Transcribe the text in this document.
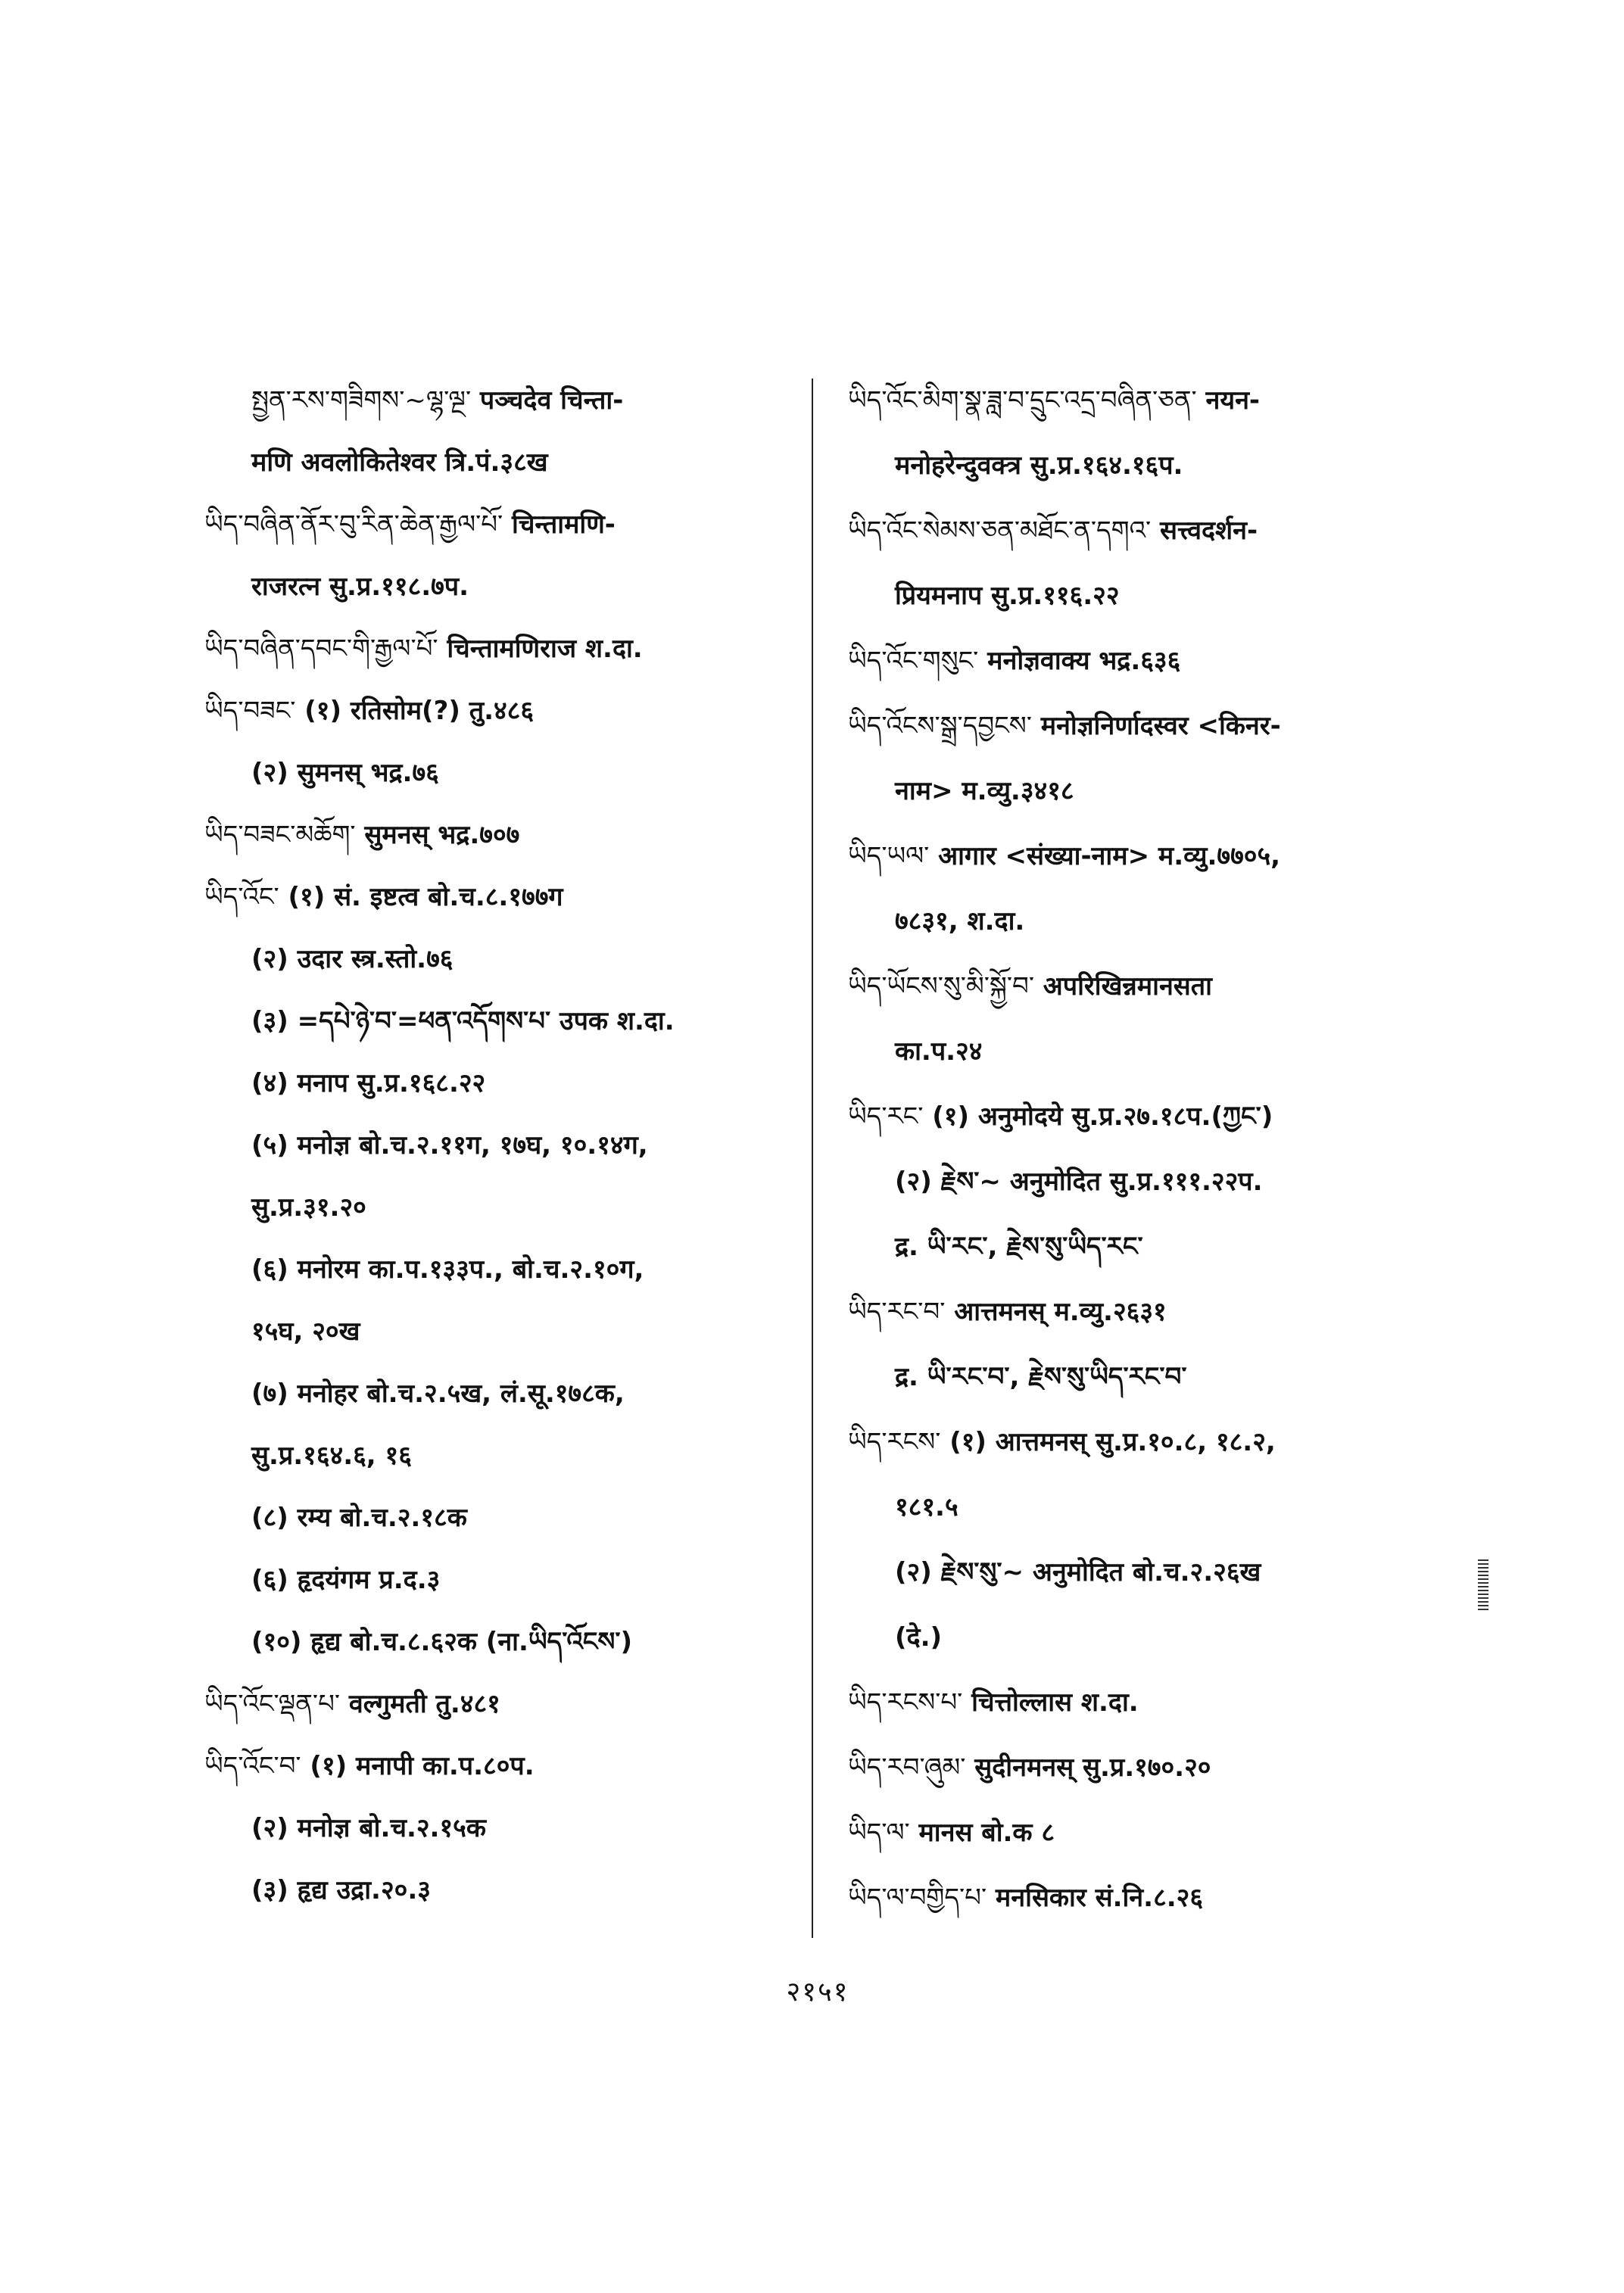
སྤྱན་རས་གཟིགས་~ལྷ་ལྔ་ पञ्चदेव चिन्ता-
मणि अवलोकितेश्वर त्रि.पं.३८ख
ཡིད་བཞིན་ནོར་བུ་རིན་ཆེན་རྒྱལ་པོ་ चिन्तामणि-
राजरत्न सु.प्र.११८.७प.
ཡིད་བཞིན་དབང་གི་རྒྱལ་པོ་ चिन्तामणिराज श.दा.
ཡིད་བཟང་ (१) रतिसोम(?) तु.४८६
(२) सुमनस् भद्र.७६
ཡིད་བཟང་མཆོག་ सुमनस् भद्र.७०७
ཡིད་འོང་ (१) सं. इष्टत्व बो.च.८.१७७ग
(२) उदार स्त्र.स्तो.७६
(३) =དཔེ་ཉེ་བ་=ཕན་འདོགས་པ་ उपक श.दा.
(४) मनाप सु.प्र.१६८.२२
(५) मनोज्ञ बो.च.२.११ग, १७घ, १०.१४ग,
सु.प्र.३१.२०
(६) मनोरम का.प.१३३प., बो.च.२.१०ग,
१५घ, २०ख
(७) मनोहर बो.च.२.५ख, लं.सू.१७८क,
सु.प्र.१६४.६, १६
(८) रम्य बो.च.२.१८क
(६) हृदयंगम प्र.द.३
(१०) हृद्य बो.च.८.६२क (ना.ཡིད་འོངས་)
ཡིད་འོང་ལྡན་པ་ वल्गुमती तु.४८१
ཡིད་འོང་བ་ (१) मनापी का.प.८०प.
(२) मनोज्ञ बो.च.२.१५क
(३) हृद्य उद्रा.२०.३
ཡིད་འོང་མིག་སྣ་ཟླ་བ་དྲུང་འདྲ་བཞིན་ཅན་ नयन-
मनोहरेन्दुवक्त्र सु.प्र.१६४.१६प.
ཡིད་འོང་སེམས་ཅན་མཐོང་ན་དགའ་ सत्त्वदर्शन-
प्रियमनाप सु.प्र.११६.२२
ཡིད་འོང་གསུང་ मनोज्ञवाक्य भद्र.६३६
ཡིད་འོངས་སྒྲ་དབྱངས་ मनोज्ञनिर्णादस्वर <किनर-
नाम> म.व्यु.३४१८
ཡིད་ཡལ་ आगार <संख्या-नाम> म.व्यु.७७०५,
७८३१, श.दा.
ཡིད་ཡོངས་སུ་མི་སྐྱོ་བ་ अपरिखिन्नमानसता
का.प.२४
ཡིད་རང་ (१) अनुमोदये सु.प्र.२७.१८प.(ཀྱང་)
(२) རྗེས་~ अनुमोदित सु.प्र.१११.२२प.
द्र. ཡི་རང་, རྗེས་སུ་ཡིད་རང་
ཡིད་རང་བ་ आत्तमनस् म.व्यु.२६३१
द्र. ཡི་རང་བ་, རྗེས་སུ་ཡིད་རང་བ་
ཡིད་རངས་ (१) आत्तमनस् सु.प्र.१०.८, १८.२,
१८१.५
(२) རྗེས་སུ་~ अनुमोदित बो.च.२.२६ख
(दे.)
ཡིད་རངས་པ་ चित्तोल्लास श.दा.
ཡིད་རབ་ཞུམ་ सुदीनमनस् सु.प्र.१७०.२०
ཡིད་ལ་ मानस बो.क ८
ཡིད་ལ་བགྱིད་པ་ मनसिकार सं.नि.८.२६
२१५१
